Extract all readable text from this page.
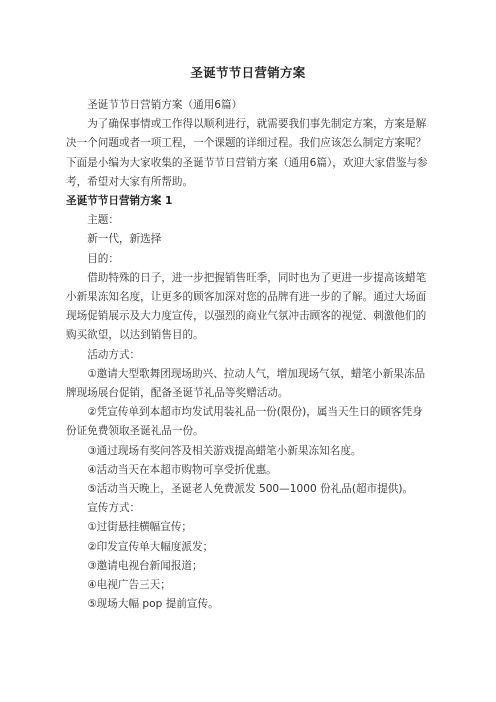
圣诞节节日营销方案

圣诞节节日营销方案（通用6篇）

为了确保事情或工作得以顺利进行，就需要我们事先制定方案，方案是解决一个问题或者一项工程，一个课题的详细过程。我们应该怎么制定方案呢？下面是小编为大家收集的圣诞节节日营销方案（通用6篇），欢迎大家借鉴与参考，希望对大家有所帮助。

圣诞节节日营销方案 1

主题：

新一代，新选择

目的：

借助特殊的日子，进一步把握销售旺季，同时也为了更进一步提高该蜡笔小新果冻知名度，让更多的顾客加深对您的品牌有进一步的了解。通过大场面现场促销展示及大力度宣传，以强烈的商业气氛冲击顾客的视觉、刺激他们的购买欲望，以达到销售目的。

活动方式：

①邀请大型歌舞团现场助兴、拉动人气，增加现场气氛，蜡笔小新果冻品牌现场展台促销，配备圣诞节礼品等奖赠活动。

②凭宣传单到本超市均发试用装礼品一份(限份)，属当天生日的顾客凭身份证免费领取圣诞礼品一份。

③通过现场有奖问答及相关游戏提高蜡笔小新果冻知名度。

④活动当天在本超市购物可享受折优惠。

⑤活动当天晚上，圣诞老人免费派发 500—1000 份礼品(超市提供)。

宣传方式：

①过街悬挂横幅宣传；

②印发宣传单大幅度派发；

③邀请电视台新闻报道；

④电视广告三天；

⑤现场大幅 pop 提前宣传。
